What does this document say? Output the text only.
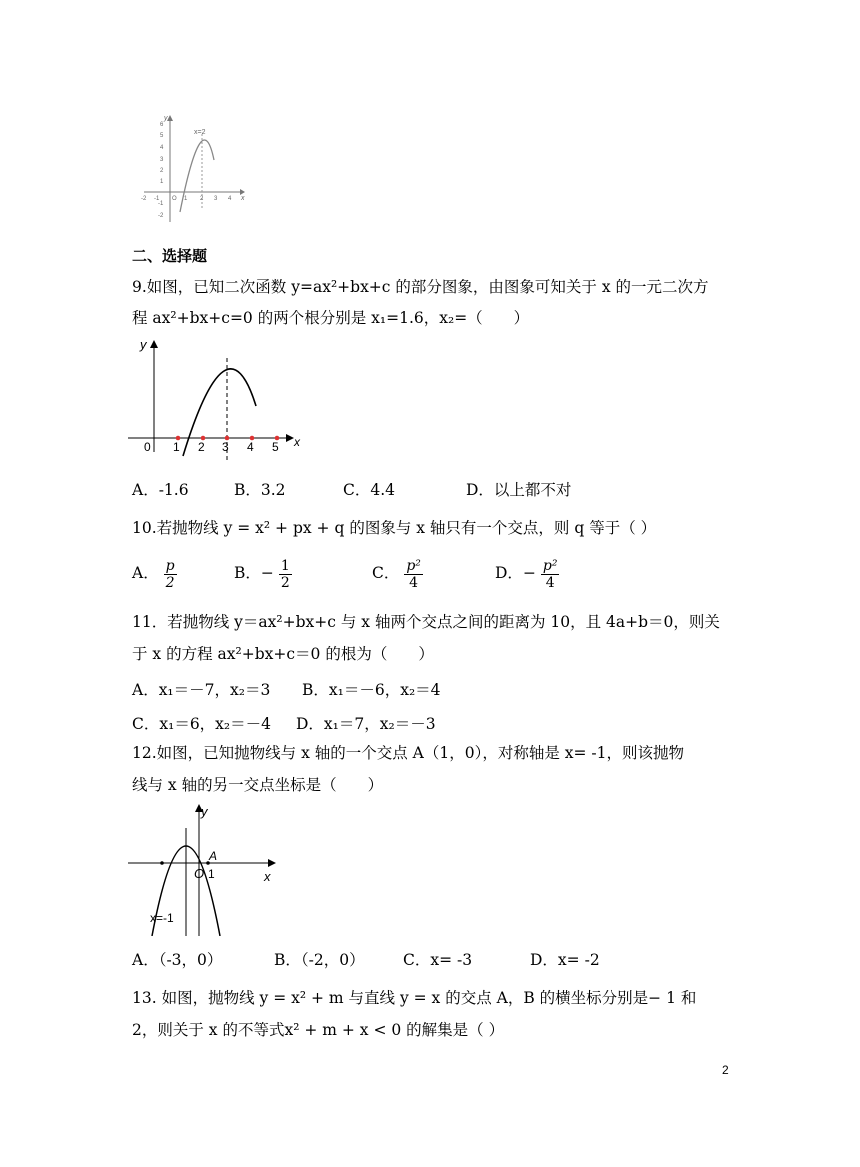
y
x
x=2
6
5
4
3
2
1
-1
-2
-2 -1 O 1 2 3 4
二、选择题
9.如图，已知二次函数 y=ax²+bx+c 的部分图象，由图象可知关于 x 的一元二次方
程 ax²+bx+c=0 的两个根分别是 x₁=1.6，x₂=（　　）
y
x
0 1 2 3 4 5
A．-1.6	B．3.2	C．4.4	D．以上都不对
10.若抛物线 y = x² + px + q 的图象与 x 轴只有一个交点，则 q 等于（ ）
A． $\frac{p}{2}$	B．− $\frac{1}{2}$	C． $\frac{\text{p²}}{4}$	D．− $\frac{\text{p²}}{4}$
11．若抛物线 y＝ax²+bx+c 与 x 轴两个交点之间的距离为 10，且 4a+b＝0，则关
于 x 的方程 ax²+bx+c＝0 的根为（　　）
A．x₁＝－7，x₂＝3 B．x₁＝－6，x₂＝4
C．x₁＝6，x₂＝－4 D．x₁＝7，x₂＝－3
12.如图，已知抛物线与 x 轴的一个交点 A（1，0），对称轴是 x= -1，则该抛物
线与 x 轴的另一交点坐标是（　　）
y
x
O
A
1
x=-1
A．（-3，0）	B．（-2，0） C．x= -3	D．x= -2
13. 如图，抛物线 y = x² + m 与直线 y = x 的交点 A，B 的横坐标分别是− 1 和
2，则关于 x 的不等式x² + m + x < 0 的解集是（ ）
2
